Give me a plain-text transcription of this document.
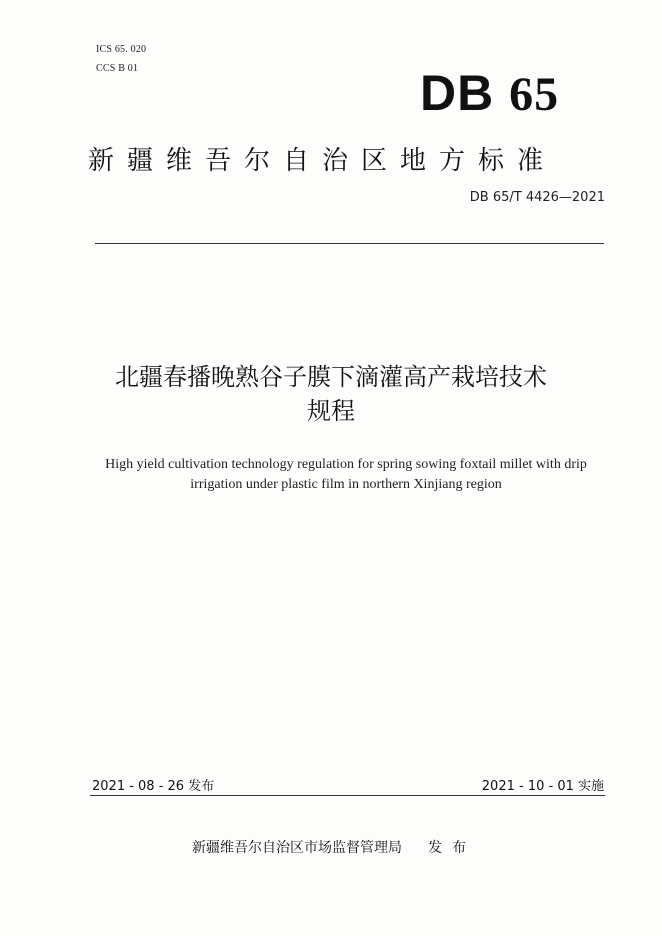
ICS 65. 020
CCS B 01	DB 65
新疆维吾尔自治区地方标准
DB 65/T 4426—2021
北疆春播晚熟谷子膜下滴灌高产栽培技术
规程
High yield cultivation technology regulation for spring sowing foxtail millet with drip
irrigation under plastic film in northern Xinjiang region
2021 - 08 - 26 发布	2021 - 10 - 01 实施
新疆维吾尔自治区市场监督管理局 发布
